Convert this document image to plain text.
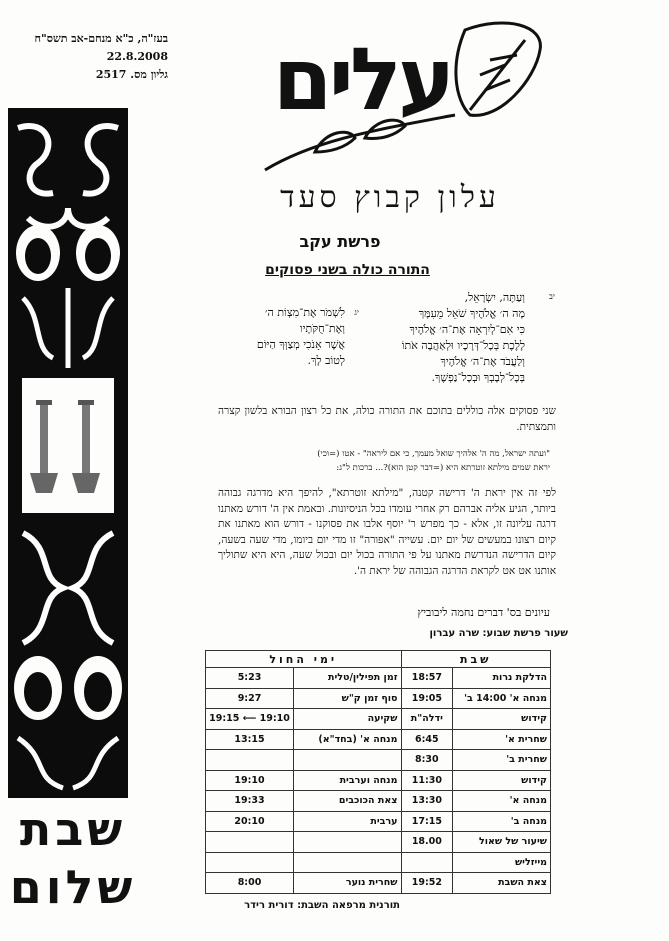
בעז"ה, כ"א מנחם-אב תשס"ח
22.8.2008
גליון מס. 2517
שבת
שלום
עלים
עלון קבוץ סעד
פרשת עקב
התורה כולה בשני פסוקים
יב
יג
וְעַתָּה, יִשְׂרָאֵל,
מָה ה׳ אֱלֹהֶיךָ שֹׁאֵל מֵעִמָּךְ
כִּי אִם־לְיִרְאָה אֶת־ה׳ אֱלֹהֶיךָ
לָלֶכֶת בְּכָל־דְּרָכָיו וּלְאַהֲבָה אֹתוֹ
וְלַעֲבֹד אֶת־ה׳ אֱלֹהֶיךָ
בְּכָל־לְבָבְךָ וּבְכָל־נַפְשֶׁךָ.
לִשְׁמֹר אֶת־מִצְוֹת ה׳ וְאֶת־חֻקֹּתָיו
אֲשֶׁר אָנֹכִי מְצַוְּךָ הַיּוֹם
לְטוֹב לָךְ.
שני פסוקים אלה כוללים בתוכם את התורה כולה, את כל רצון הבורא בלשון קצרה ותמצתית.
"ועתה ישראל, מה ה' אלהיך שואל מעמך, כי אם ליראה" - אטו (=וכי)
יראת שמים מילתא זוטרתא היא (=דבר קטן הוא)?... ברכות ל"ג:
לפי זה אין יראת ה' דרישה קטנה, "מילתא זוטרתא", להיפך היא מדרגה גבוהה ביותר, הגיע אליה אברהם רק אחרי עומדו בכל הניסיונות. ובאמת אין ה' דורש מאתנו דרגה עליונה זו, אלא - כך מפרש ר' יוסף אלבו את פסוקנו - דורש הוא מאתנו את קיום רצונו במעשים של יום יום. עשייה "אפורה" זו מדי יום ביומו, מדי שעה בשעה, קיום הדרישה הנדרשת מאתנו על פי התורה בכול יום ובכול שעה, היא היא שתוליך אותנו אט אט לקראת הדרגה הגבוהה של יראת ה'.
עיונים בס' דברים נחמה ליבוביץ
שעור פרשת שבוע: שרה עברון
שבת		ימי החול	
הדלקת נרות	18:57	זמן תפילין/טלית	5:23
מנחה א' 14:00 ב'	19:05	סוף זמן ק"ש	9:27
קידוש	ידלה"ת	שקיעה	19:15 ⟵ 19:10
שחרית א'	6:45	מנחה א' (בחד"א)	13:15
שחרית ב'	8:30		
קידוש	11:30	מנחה וערבית	19:10
מנחה א'	13:30	צאת הכוכבים	19:33
מנחה ב'	17:15	ערבית	20:10
שיעור של שאול	18.00		
מייזליש			
צאת השבת	19:52	שחרית נוער	8:00
תורנית מרפאה השבת: דורית רידר
